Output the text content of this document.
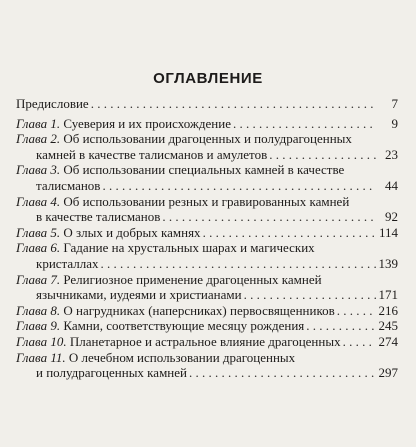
ОГЛАВЛЕНИЕ
Предисловие . . .	7
Глава 1.
Суеверия и их происхождение . . .	9
Глава 2.
Об использовании драгоценных и полудрагоценных
камней в качестве талисманов и амулетов . . .	23
Глава 3.
Об использовании специальных камней в качестве
талисманов . . .	44
Глава 4.
Об использовании резных и гравированных камней
в качестве талисманов . . .	92
Глава 5.
О злых и добрых камнях . . .	114
Глава 6.
Гадание на хрустальных шарах и магических
кристаллах . . .	139
Глава 7.
Религиозное применение драгоценных камней
язычниками, иудеями и христианами . . .	171
Глава 8.
О нагрудниках (наперсниках) первосвященников . . .	216
Глава 9.
Камни, соответствующие месяцу рождения . . .	245
Глава 10.
Планетарное и астральное влияние драгоценных . . .	274
Глава 11.
О лечебном использовании драгоценных
и полудрагоценных камней . . .	297
